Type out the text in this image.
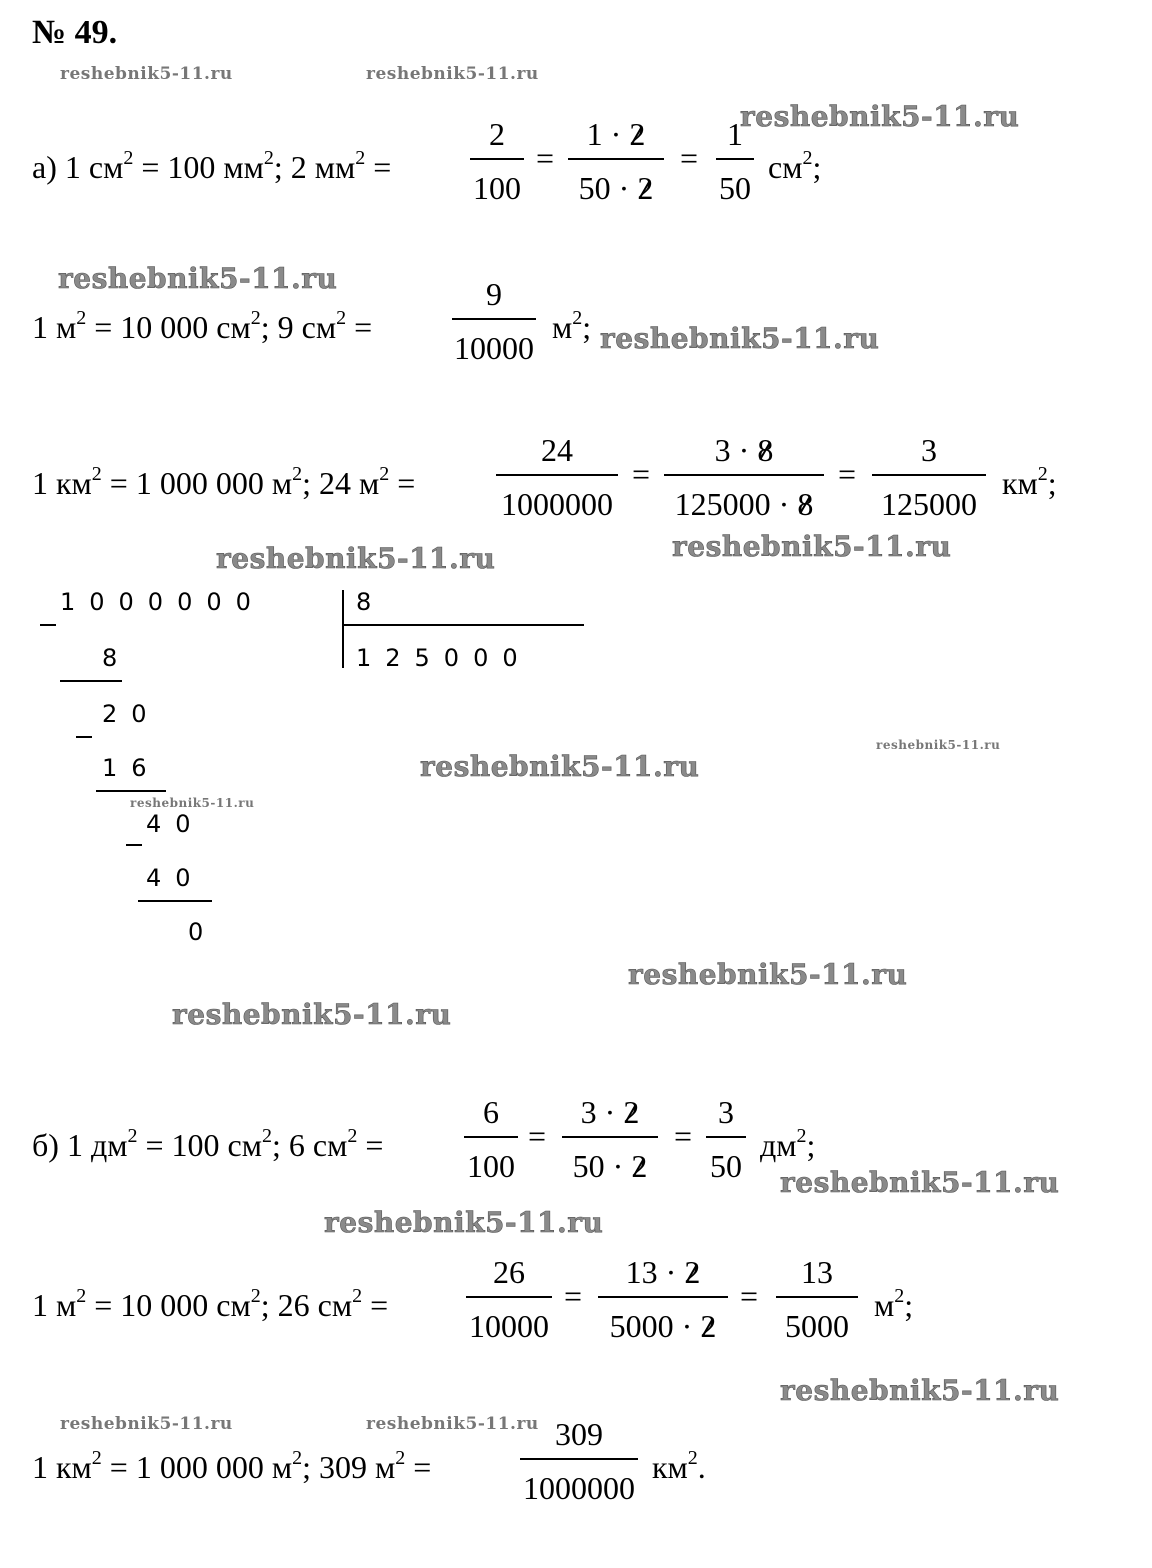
№ 49.
reshebnik5-11.ru	reshebnik5-11.ru
reshebnik5-11.ru
reshebnik5-11.ru
reshebnik5-11.ru
reshebnik5-11.ru	reshebnik5-11.ru
reshebnik5-11.ru
reshebnik5-11.ru
reshebnik5-11.ru
reshebnik5-11.ru
reshebnik5-11.ru
reshebnik5-11.ru
reshebnik5-11.ru
reshebnik5-11.ru
reshebnik5-11.ru	reshebnik5-11.ru
а) 1 $см^2 = 100$ $мм^2$; 2 $мм^2$ =
2
100
=
1 · 2
50 · 2
=
1
50
$см^2$;
1 $м^2 = 10$ 000 $см^2$; 9 $см^2$ =
9
10000
$м^2$;
1 $км^2 = 1$ 000 000 $м^2$; 24 $м^2$ =
24
1000000
=
3 · 8
125000 · 8
=
3
125000
$км^2$;
1000000	8
125000
8
20
16
40
40
0
б) 1 $дм^2 = 100$ $см^2$; 6 $см^2$ =
6
100
=
3 · 2
50 · 2
=
3
50
$дм^2$;
1 $м^2 = 10$ 000 $см^2$; 26 $см^2$ =
26
10000
=
13 · 2
5000 · 2
=
13
5000
$м^2$;
1 $км^2 = 1$ 000 000 $м^2$; 309 $м^2$ =
309
1000000
$км^2$.
